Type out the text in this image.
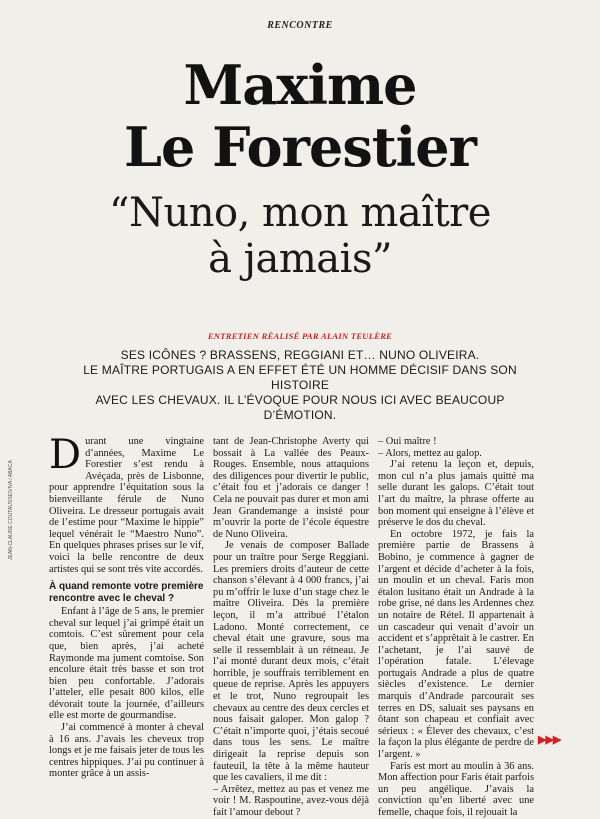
RENCONTRE
Maxime
Le Forestier
“Nuno, mon maître
à jamais”
ENTRETIEN RÉALISÉ PAR ALAIN TEULÈRE
SES ICÔNES ? BRASSENS, REGGIANI ET… NUNO OLIVEIRA.
LE MAÎTRE PORTUGAIS A EN EFFET ÉTÉ UN HOMME DÉCISIF DANS SON HISTOIRE
AVEC LES CHEVAUX. IL L’ÉVOQUE POUR NOUS ICI AVEC BEAUCOUP D’ÉMOTION.
JEAN-CLAUDE COUTAUSSE/VIVA / ABACA

Durant une vingtaine d’années, Maxime Le Forestier s’est rendu à Avéçada, près de Lisbonne, pour apprendre l’équitation sous la bienveillante férule de Nuno Oliveira. Le dresseur portugais avait de l’estime pour “Maxime le hippie” lequel vénérait le “Maestro Nuno”. En quelques phrases prises sur le vif, voici la belle rencontre de deux artistes qui se sont très vite accordés.

À quand remonte votre première rencontre avec le cheval ?

Enfant à l’âge de 5 ans, le premier cheval sur lequel j’ai grimpé était un comtois. C’est sûrement pour cela que, bien après, j’ai acheté Raymonde ma jument comtoise. Son encolure était très basse et son trot bien peu confortable. J’adorais l’atteler, elle pesait 800 kilos, elle dévorait toute la journée, d’ailleurs elle est morte de gourmandise.

J’ai commencé à monter à cheval à 16 ans. J’avais les cheveux trop longs et je me faisais jeter de tous les centres hippiques. J’ai pu continuer à monter grâce à un assis-

tant de Jean-Christophe Averty qui bossait à La vallée des Peaux-Rouges. Ensemble, nous attaquions des diligences pour divertir le public, c’était fou et j’adorais ce danger ! Cela ne pouvait pas durer et mon ami Jean Grandemange a insisté pour m’ouvrir la porte de l’école équestre de Nuno Oliveira.

Je venais de composer Ballade pour un traître pour Serge Reggiani. Les premiers droits d’auteur de cette chanson s’élevant à 4 000 francs, j’ai pu m’offrir le luxe d’un stage chez le maître Oliveira. Dès la première leçon, il m’a attribué l’étalon Ladono. Monté correctement, ce cheval était une gravure, sous ma selle il ressemblait à un rétneau. Je l’ai monté durant deux mois, c’était horrible, je souffrais terriblement en queue de reprise. Après les appuyers et le trot, Nuno regroupait les chevaux au centre des deux cercles et nous faisait galoper. Mon galop ? C’était n’importe quoi, j’étais secoué dans tous les sens. Le maître dirigeait la reprise depuis son fauteuil, la tête à la même hauteur que les cavaliers, il me dit :

– Arrêtez, mettez au pas et venez me voir ! M. Raspoutine, avez-vous déjà fait l’amour debout ?

– Oui maître !

– Alors, mettez au galop.

J’ai retenu la leçon et, depuis, mon cul n’a plus jamais quitté ma selle durant les galops. C’était tout l’art du maître, la phrase offerte au bon moment qui enseigne à l’élève et préserve le dos du cheval.

En octobre 1972, je fais la première partie de Brassens à Bobino, je commence à gagner de l’argent et décide d’acheter à la fois, un moulin et un cheval. Faris mon étalon lusitano était un Andrade à la robe grise, né dans les Ardennes chez un notaire de Rétel. Il appartenait à un cascadeur qui venait d’avoir un accident et s’apprêtait à le castrer. En l’achetant, je l’ai sauvé de l’opération fatale. L’élevage portugais Andrade a plus de quatre siècles d’existence. Le dernier marquis d’Andrade parcourait ses terres en DS, saluait ses paysans en ôtant son chapeau et confiait avec sérieux : « Élever des chevaux, c’est la façon la plus élégante de perdre de l’argent. »

Faris est mort au moulin à 36 ans. Mon affection pour Faris était parfois un peu angélique. J’avais la conviction qu’en liberté avec une femelle, chaque fois, il rejouait la

▶▶▶
